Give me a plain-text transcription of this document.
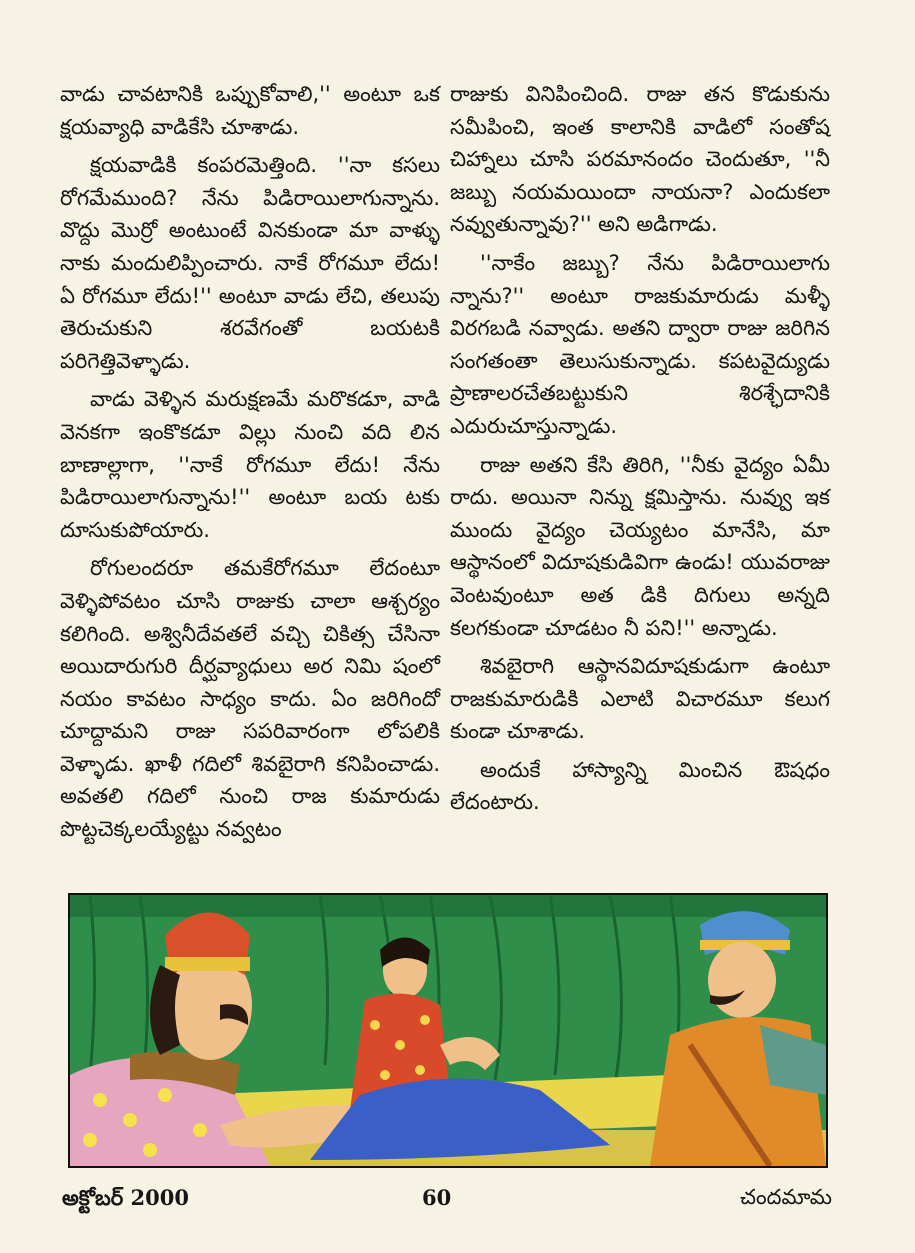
వాడు చావటానికి ఒప్పుకోవాలి,'' అంటూ ఒక క్షయవ్యాధి వాడికేసి చూశాడు.

క్షయవాడికి కంపరమెత్తింది. ''నా కసలు రోగమేముంది? నేను పిడిరాయిలాగున్నాను. వొద్దు మొర్రో అంటుంటే వినకుండా మా వాళ్ళు నాకు మందులిప్పించారు. నాకే రోగమూ లేదు! ఏ రోగమూ లేదు!'' అంటూ వాడు లేచి, తలుపు తెరుచుకుని శరవేగంతో బయటకి పరిగెత్తివెళ్ళాడు.

వాడు వెళ్ళిన మరుక్షణమే మరొకడూ, వాడి వెనకగా ఇంకొకడూ విల్లు నుంచి వది లిన బాణాల్లాగా, ''నాకే రోగమూ లేదు! నేను పిడిరాయిలాగున్నాను!'' అంటూ బయ టకు దూసుకుపోయారు.

రోగులందరూ తమకేరోగమూ లేదంటూ వెళ్ళిపోవటం చూసి రాజుకు చాలా ఆశ్చర్యం కలిగింది. అశ్వినీదేవతలే వచ్చి చికిత్స చేసినా అయిదారుగురి దీర్ఘవ్యాధులు అర నిమి షంలో నయం కావటం సాధ్యం కాదు. ఏం జరిగిందో చూద్దామని రాజు సపరివారంగా లోపలికి వెళ్ళాడు. ఖాళీ గదిలో శివబైరాగి కనిపించాడు. అవతలి గదిలో నుంచి రాజ కుమారుడు పొట్టచెక్కలయ్యేట్టు నవ్వటం

రాజుకు వినిపించింది. రాజు తన కొడుకును సమీపించి, ఇంత కాలానికి వాడిలో సంతోష చిహ్నాలు చూసి పరమానందం చెందుతూ, ''నీ జబ్బు నయమయిందా నాయనా? ఎందుకలా నవ్వుతున్నావు?'' అని అడిగాడు.

''నాకేం జబ్బు? నేను పిడిరాయిలాగు న్నాను?'' అంటూ రాజకుమారుడు మళ్ళీ విరగబడి నవ్వాడు. అతని ద్వారా రాజు జరిగిన సంగతంతా తెలుసుకున్నాడు. కపటవైద్యుడు ప్రాణాలరచేతబట్టుకుని శిరశ్ఛేదానికి ఎదురుచూస్తున్నాడు.

రాజు అతని కేసి తిరిగి, ''నీకు వైద్యం ఏమీ రాదు. అయినా నిన్ను క్షమిస్తాను. నువ్వు ఇక ముందు వైద్యం చెయ్యటం మానేసి, మా ఆస్థానంలో విదూషకుడివిగా ఉండు! యువరాజు వెంటవుంటూ అత డికి దిగులు అన్నది కలగకుండా చూడటం నీ పని!'' అన్నాడు.

శివబైరాగి ఆస్థానవిదూషకుడుగా ఉంటూ రాజకుమారుడికి ఎలాటి విచారమూ కలుగ కుండా చూశాడు.

అందుకే హాస్యాన్ని మించిన ఔషధం లేదంటారు.

అక్టోబర్ 2000	60	చందమామ
